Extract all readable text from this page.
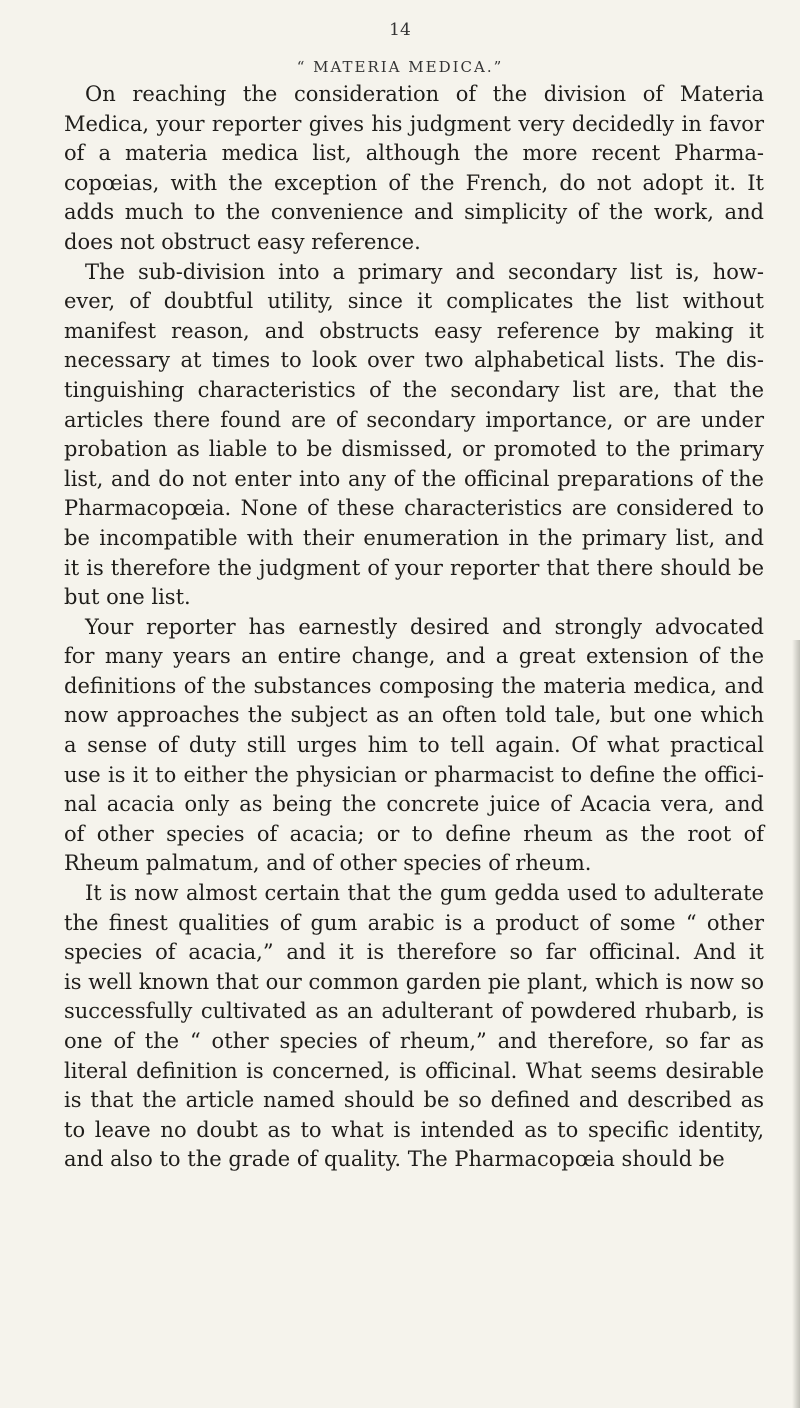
14
“ MATERIA MEDICA.”

On reaching the consideration of the division of Materia
Medica, your reporter gives his judgment very decidedly in favor
of a materia medica list, although the more recent Pharma-
copœias, with the exception of the French, do not adopt it. It
adds much to the convenience and simplicity of the work, and
does not obstruct easy reference.

The sub-division into a primary and secondary list is, how-
ever, of doubtful utility, since it complicates the list without
manifest reason, and obstructs easy reference by making it
necessary at times to look over two alphabetical lists. The dis-
tinguishing characteristics of the secondary list are, that the
articles there found are of secondary importance, or are under
probation as liable to be dismissed, or promoted to the primary
list, and do not enter into any of the officinal preparations of the
Pharmacopœia. None of these characteristics are considered to
be incompatible with their enumeration in the primary list, and
it is therefore the judgment of your reporter that there should be
but one list.

Your reporter has earnestly desired and strongly advocated
for many years an entire change, and a great extension of the
definitions of the substances composing the materia medica, and
now approaches the subject as an often told tale, but one which
a sense of duty still urges him to tell again. Of what practical
use is it to either the physician or pharmacist to define the offici-
nal acacia only as being the concrete juice of Acacia vera, and
of other species of acacia; or to define rheum as the root of
Rheum palmatum, and of other species of rheum.

It is now almost certain that the gum gedda used to adulterate
the finest qualities of gum arabic is a product of some “ other
species of acacia,” and it is therefore so far officinal. And it
is well known that our common garden pie plant, which is now so
successfully cultivated as an adulterant of powdered rhubarb, is
one of the “ other species of rheum,” and therefore, so far as
literal definition is concerned, is officinal. What seems desirable
is that the article named should be so defined and described as
to leave no doubt as to what is intended as to specific identity,
and also to the grade of quality. The Pharmacopœia should be
